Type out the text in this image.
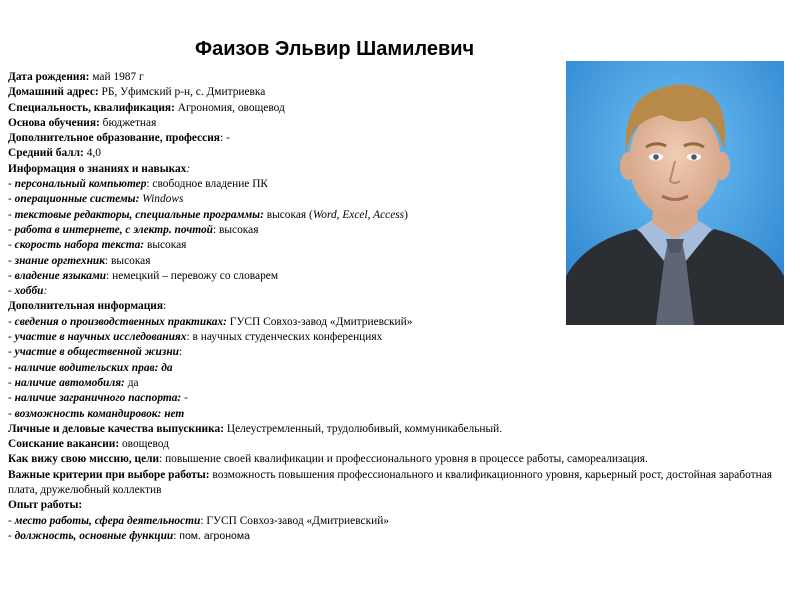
Фаизов Эльвир Шамилевич
Дата рождения: май 1987 г
Домашний адрес: РБ, Уфимский р-н, с. Дмитриевка
Специальность, квалификация: Агрономия, овощевод
Основа обучения: бюджетная
Дополнительное образование, профессия: -
Средний балл: 4,0
Информация о знаниях и навыках:
- персональный компьютер: свободное владение ПК
- операционные системы: Windows
- текстовые редакторы, специальные программы: высокая (Word, Excel, Access)
- работа в интернете, с электр. почтой: высокая
- скорость набора текста: высокая
- знание оргтехник: высокая
- владение языками: немецкий – перевожу со словарем
- хобби:
Дополнительная информация:
- сведения о производственных практиках: ГУСП Совхоз-завод «Дмитриевский»
- участие в научных исследованиях: в научных студенческих конференциях
- участие в общественной жизни:
- наличие водительских прав: да
- наличие автомобиля: да
- наличие заграничного паспорта: -
- возможность командировок: нет
Личные и деловые качества выпускника: Целеустремленный, трудолюбивый, коммуникабельный.
Соискание вакансии: овощевод
Как вижу свою миссию, цели: повышение своей квалификации и профессионального уровня в процессе работы, самореализация.
Важные критерии при выборе работы: возможность повышения профессионального и квалификационного уровня, карьерный рост, достойная заработная плата, дружелюбный коллектив
Опыт работы:
- место работы, сфера деятельности: ГУСП Совхоз-завод «Дмитриевский»
- должность, основные функции: пом. агронома
